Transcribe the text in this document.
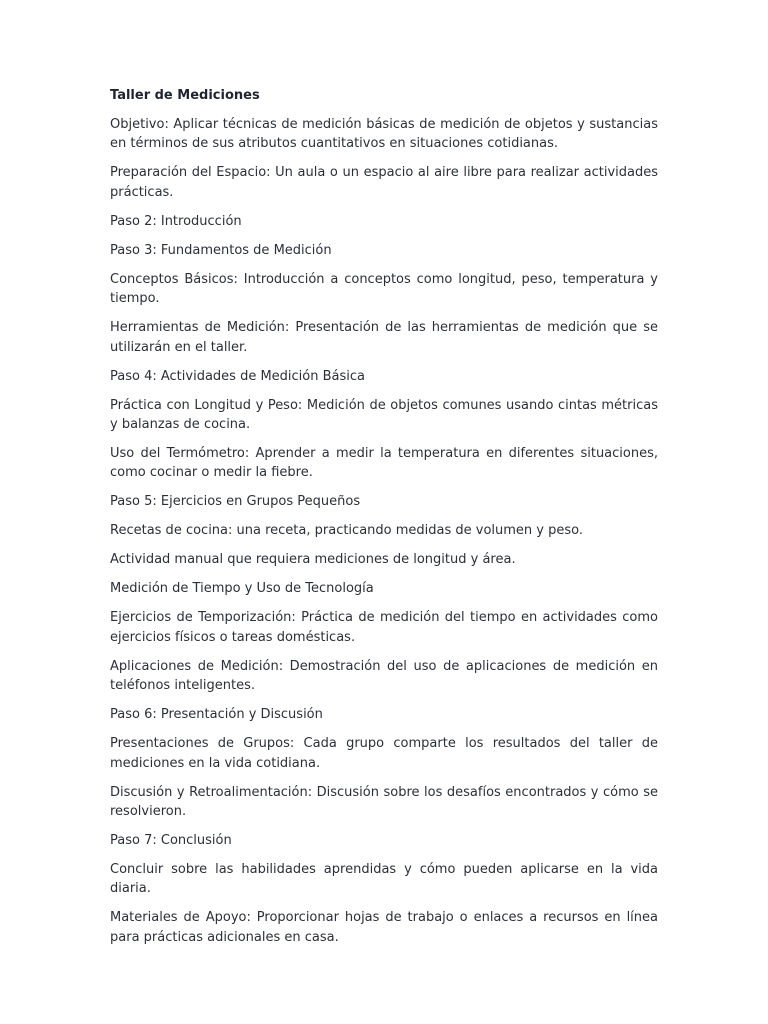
Taller de Mediciones

Objetivo: Aplicar técnicas de medición básicas de medición de objetos y sustancias en términos de sus atributos cuantitativos en situaciones cotidianas.

Preparación del Espacio: Un aula o un espacio al aire libre para realizar actividades prácticas.

Paso 2: Introducción

Paso 3: Fundamentos de Medición

Conceptos Básicos: Introducción a conceptos como longitud, peso, temperatura y tiempo.

Herramientas de Medición: Presentación de las herramientas de medición que se utilizarán en el taller.

Paso 4: Actividades de Medición Básica

Práctica con Longitud y Peso: Medición de objetos comunes usando cintas métricas y balanzas de cocina.

Uso del Termómetro: Aprender a medir la temperatura en diferentes situaciones, como cocinar o medir la fiebre.

Paso 5: Ejercicios en Grupos Pequeños

Recetas de cocina: una receta, practicando medidas de volumen y peso.

Actividad manual que requiera mediciones de longitud y área.

Medición de Tiempo y Uso de Tecnología

Ejercicios de Temporización: Práctica de medición del tiempo en actividades como ejercicios físicos o tareas domésticas.

Aplicaciones de Medición: Demostración del uso de aplicaciones de medición en teléfonos inteligentes.

Paso 6: Presentación y Discusión

Presentaciones de Grupos: Cada grupo comparte los resultados del taller de mediciones en la vida cotidiana.

Discusión y Retroalimentación: Discusión sobre los desafíos encontrados y cómo se resolvieron.

Paso 7: Conclusión

Concluir sobre las habilidades aprendidas y cómo pueden aplicarse en la vida diaria.

Materiales de Apoyo: Proporcionar hojas de trabajo o enlaces a recursos en línea para prácticas adicionales en casa.
